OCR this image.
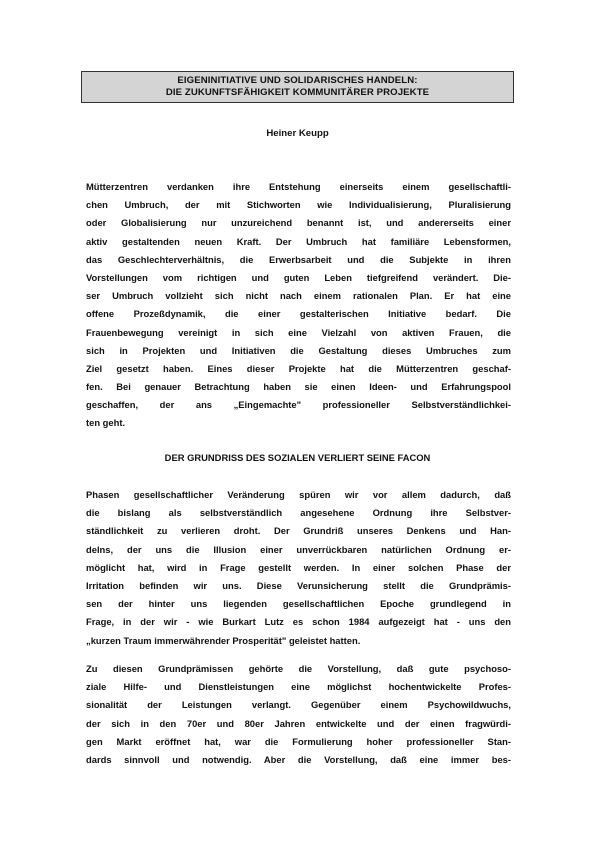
EIGENINITIATIVE UND SOLIDARISCHES HANDELN:
DIE ZUKUNFTSFÄHIGKEIT KOMMUNITÄRER PROJEKTE
Heiner Keupp
Mütterzentren verdanken ihre Entstehung einerseits einem gesellschaftli-
chen Umbruch, der mit Stichworten wie Individualisierung, Pluralisierung
oder Globalisierung nur unzureichend benannt ist, und andererseits einer
aktiv gestaltenden neuen Kraft. Der Umbruch hat familiäre Lebensformen,
das Geschlechterverhältnis, die Erwerbsarbeit und die Subjekte in ihren
Vorstellungen vom richtigen und guten Leben tiefgreifend verändert. Die-
ser Umbruch vollzieht sich nicht nach einem rationalen Plan. Er hat eine
offene Prozeßdynamik, die einer gestalterischen Initiative bedarf. Die
Frauenbewegung vereinigt in sich eine Vielzahl von aktiven Frauen, die
sich in Projekten und Initiativen die Gestaltung dieses Umbruches zum
Ziel gesetzt haben. Eines dieser Projekte hat die Mütterzentren geschaf-
fen. Bei genauer Betrachtung haben sie einen Ideen- und Erfahrungspool
geschaffen, der ans „Eingemachte" professioneller Selbstverständlichkei-
ten geht.
DER GRUNDRISS DES SOZIALEN VERLIERT SEINE FACON
Phasen gesellschaftlicher Veränderung spüren wir vor allem dadurch, daß
die bislang als selbstverständlich angesehene Ordnung ihre Selbstver-
ständlichkeit zu verlieren droht. Der Grundriß unseres Denkens und Han-
delns, der uns die Illusion einer unverrückbaren natürlichen Ordnung er-
möglicht hat, wird in Frage gestellt werden. In einer solchen Phase der
Irritation befinden wir uns. Diese Verunsicherung stellt die Grundprämis-
sen der hinter uns liegenden gesellschaftlichen Epoche grundlegend in
Frage, in der wir - wie Burkart Lutz es schon 1984 aufgezeigt hat - uns den
„kurzen Traum immerwährender Prosperität" geleistet hatten.
Zu diesen Grundprämissen gehörte die Vorstellung, daß gute psychoso-
ziale Hilfe- und Dienstleistungen eine möglichst hochentwickelte Profes-
sionalität der Leistungen verlangt. Gegenüber einem Psychowildwuchs,
der sich in den 70er und 80er Jahren entwickelte und der einen fragwürdi-
gen Markt eröffnet hat, war die Formulierung hoher professioneller Stan-
dards sinnvoll und notwendig. Aber die Vorstellung, daß eine immer bes-
